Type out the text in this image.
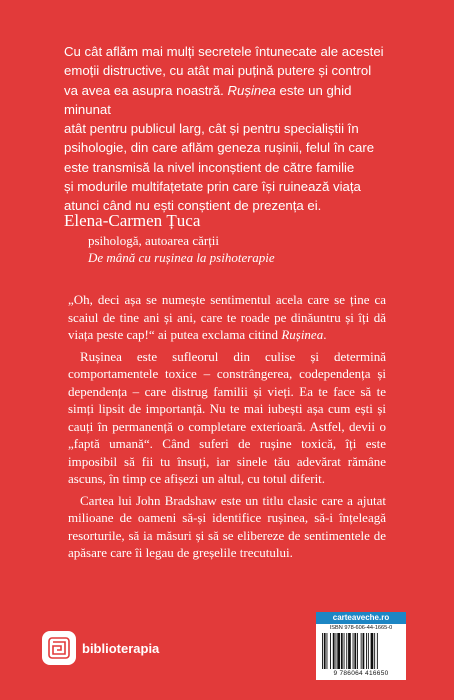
Cu cât aflăm mai mulți secretele întunecate ale acestei

emoții distructive, cu atât mai puțină putere și control

va avea ea asupra noastră. Rușinea este un ghid minunat

atât pentru publicul larg, cât și pentru specialiștii în

psihologie, din care aflăm geneza rușinii, felul în care

este transmisă la nivel inconștient de către familie

și modurile multifațetate prin care își ruinează viața

atunci când nu ești conștient de prezența ei.

Elena-Carmen Țuca

psihologă, autoarea cărții

De mână cu rușinea la psihoterapie

„Oh, deci așa se numește sentimentul acela care se ține ca scaiul de tine ani și ani, care te roade pe dinăuntru și îți dă viața peste cap!“ ai putea exclama citind Rușinea.

Rușinea este sufleorul din culise și determină comportamentele toxice – constrângerea, codependența și dependența – care distrug familii și vieți. Ea te face să te simți lipsit de importanță. Nu te mai iubești așa cum ești și cauți în permanență o completare exterioară. Astfel, devii o „faptă umană“. Când suferi de rușine toxică, îți este imposibil să fii tu însuți, iar sinele tău adevărat rămâne ascuns, în timp ce afișezi un altul, cu totul diferit.

Cartea lui John Bradshaw este un titlu clasic care a ajutat milioane de oameni să-și identifice rușinea, să-i înțeleagă resorturile, să ia măsuri și să se elibereze de sentimentele de apăsare care îi legau de greșelile trecutului.

biblioterapia
carteaveche.ro
ISBN 978-606-44-1665-0
9 786064 416650
